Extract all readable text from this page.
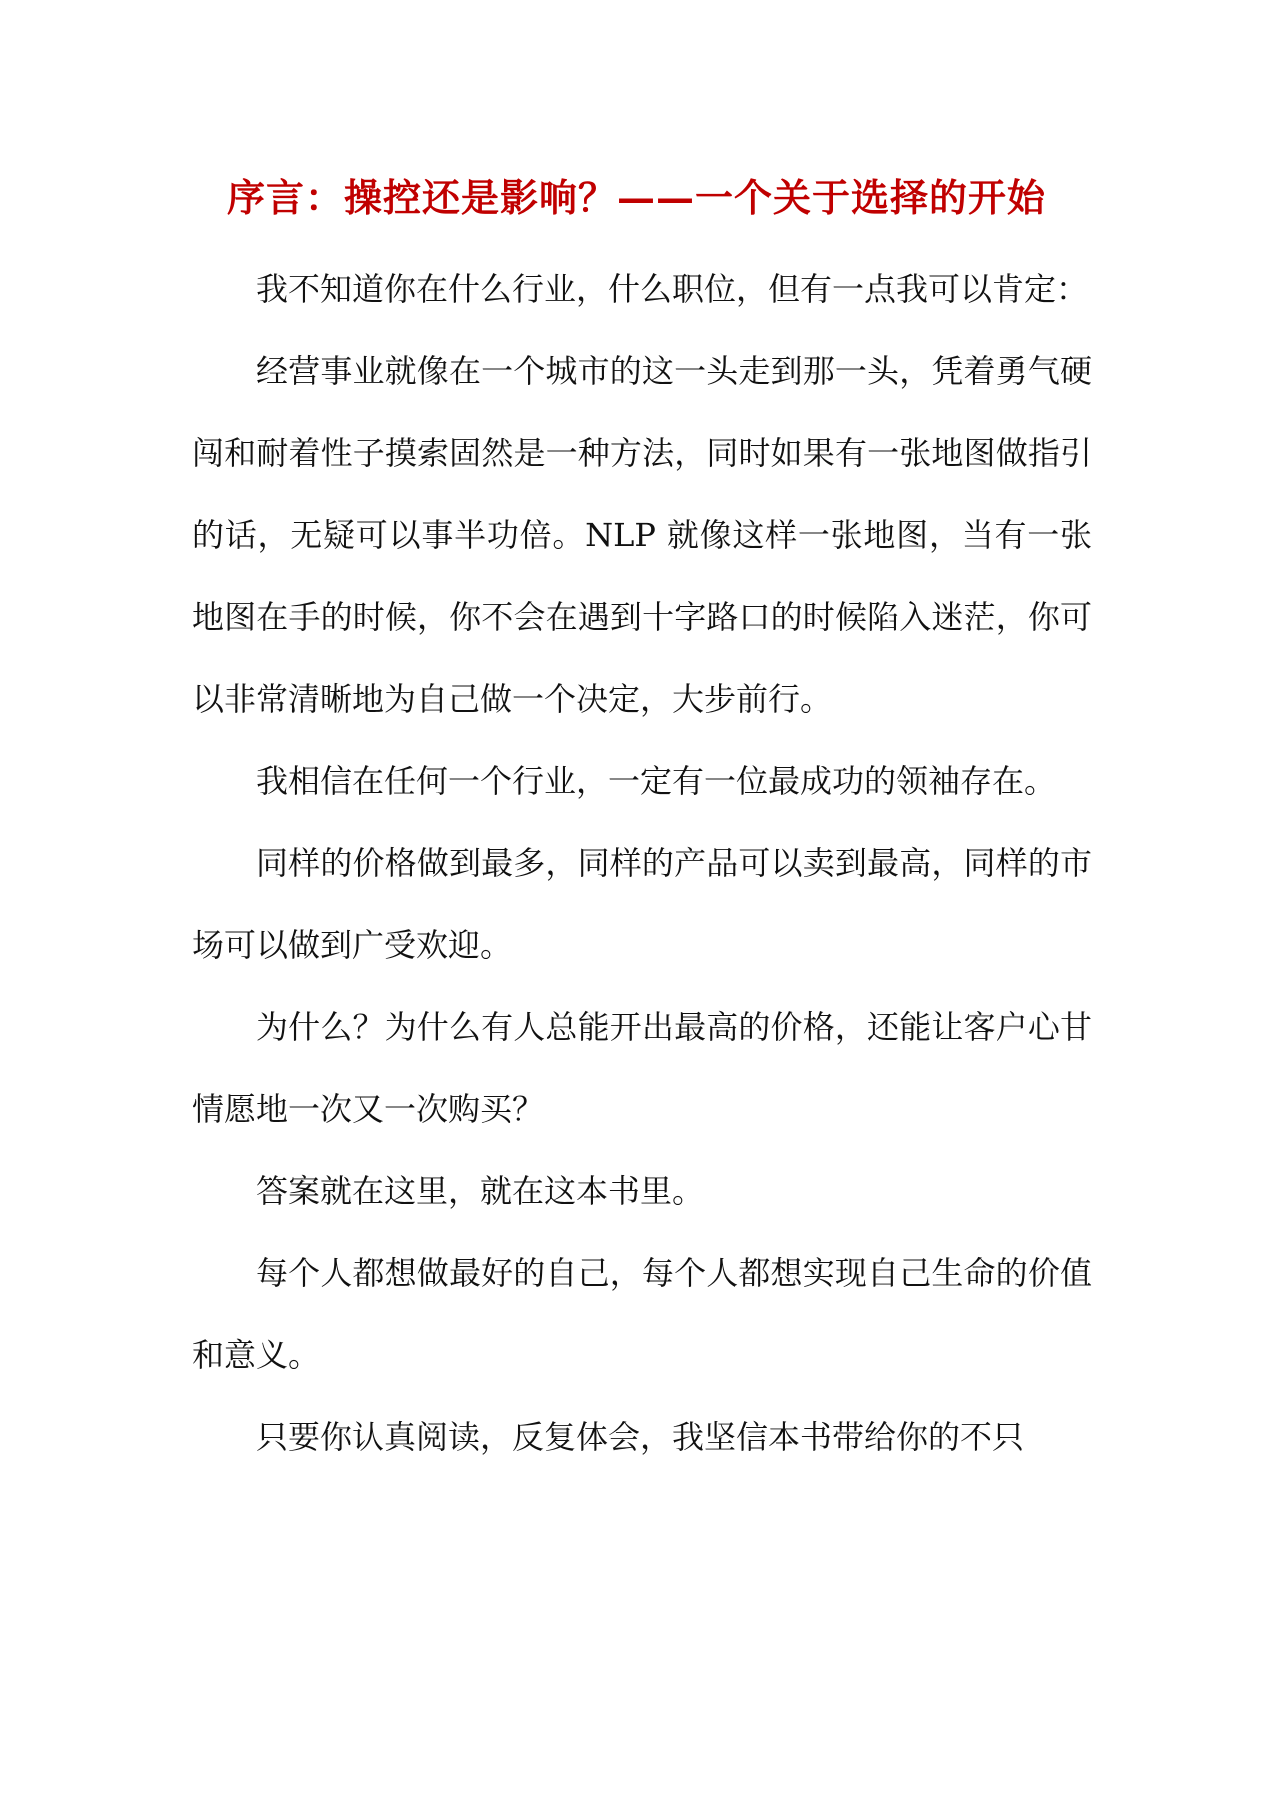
序言：操控还是影响？——一个关于选择的开始

我不知道你在什么行业，什么职位，但有一点我可以肯定：

经营事业就像在一个城市的这一头走到那一头，凭着勇气硬闯和耐着性子摸索固然是一种方法，同时如果有一张地图做指引的话，无疑可以事半功倍。NLP 就像这样一张地图，当有一张地图在手的时候，你不会在遇到十字路口的时候陷入迷茫，你可以非常清晰地为自己做一个决定，大步前行。

我相信在任何一个行业，一定有一位最成功的领袖存在。

同样的价格做到最多，同样的产品可以卖到最高，同样的市场可以做到广受欢迎。

为什么？为什么有人总能开出最高的价格，还能让客户心甘情愿地一次又一次购买？

答案就在这里，就在这本书里。

每个人都想做最好的自己，每个人都想实现自己生命的价值和意义。

只要你认真阅读，反复体会，我坚信本书带给你的不只
